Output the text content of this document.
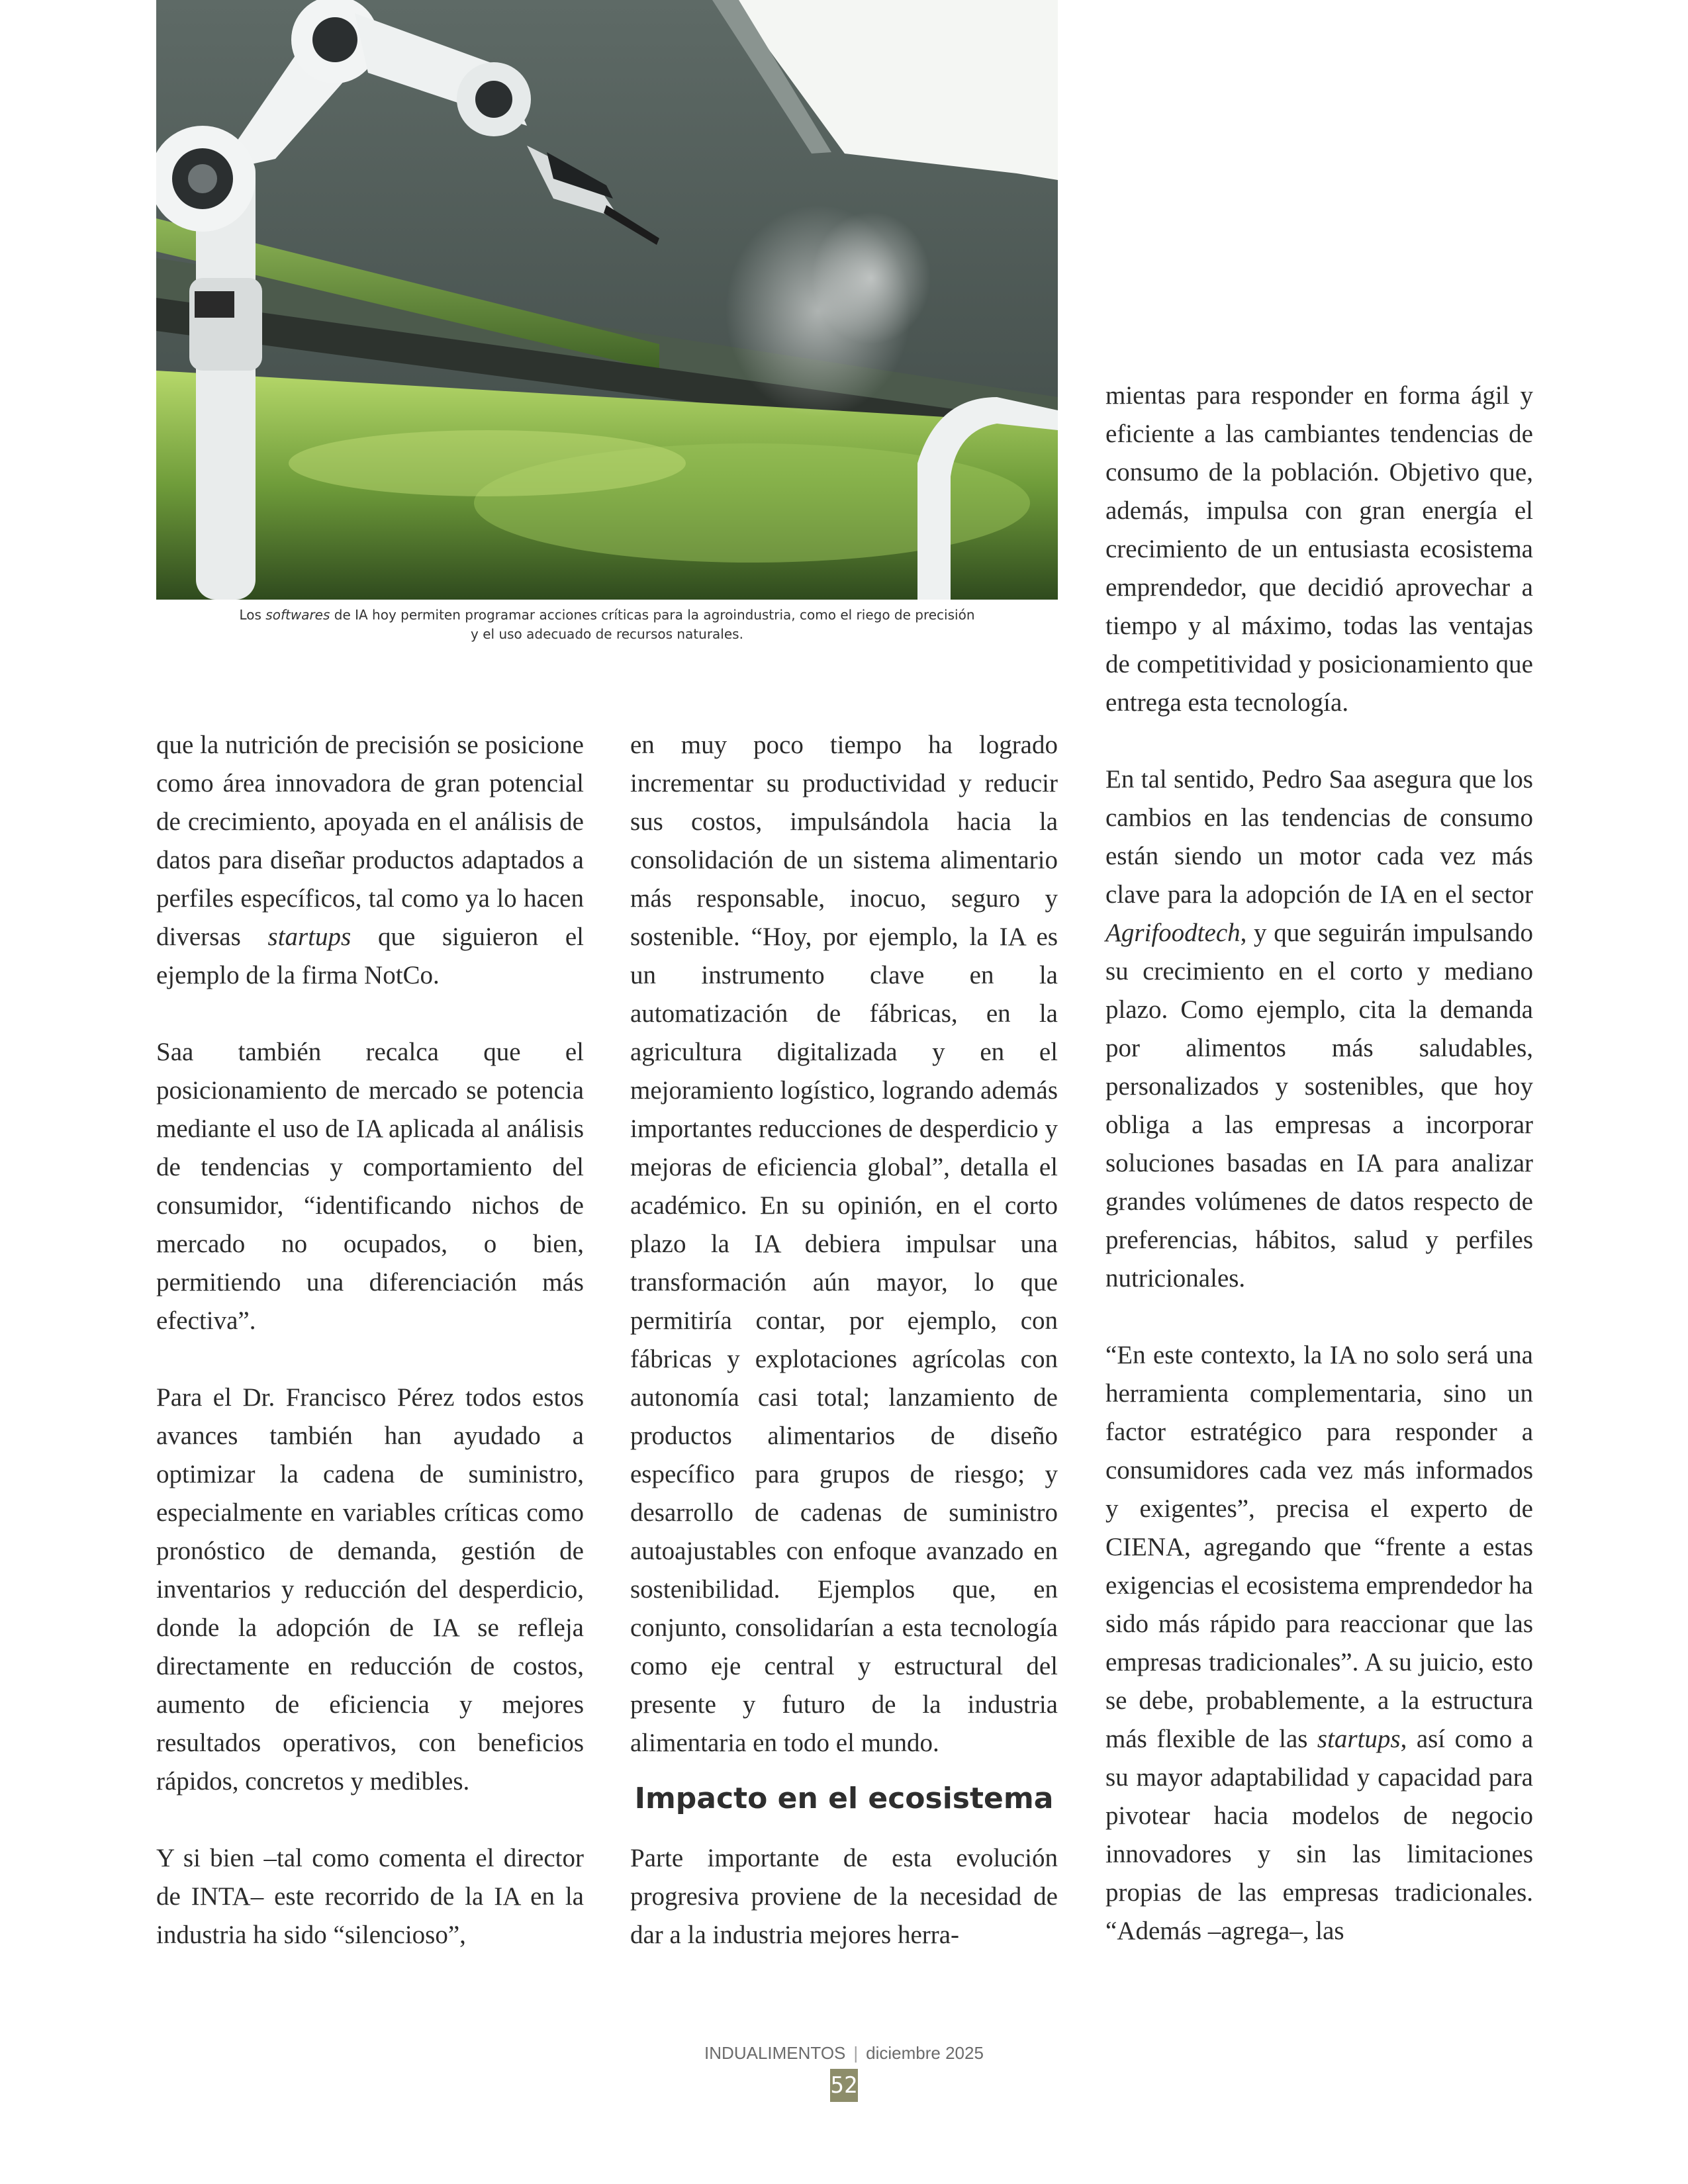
Los softwares de IA hoy permiten programar acciones críticas para la agroindustria, como el riego de precisión
y el uso adecuado de recursos naturales.

que la nutrición de precisión se posicione como área innovadora de gran potencial de crecimiento, apoyada en el análisis de datos para diseñar productos adaptados a perfiles específicos, tal como ya lo hacen diversas startups que siguieron el ejemplo de la firma NotCo.

Saa también recalca que el posicionamiento de mercado se potencia mediante el uso de IA aplicada al análisis de tendencias y comportamiento del consumidor, “identificando nichos de mercado no ocupados, o bien, permitiendo una diferenciación más efectiva”.

Para el Dr. Francisco Pérez todos estos avances también han ayudado a optimizar la cadena de suministro, especialmente en variables críticas como pronóstico de demanda, gestión de inventarios y reducción del desperdicio, donde la adopción de IA se refleja directamente en reducción de costos, aumento de eficiencia y mejores resultados operativos, con beneficios rápidos, concretos y medibles.

Y si bien –tal como comenta el director de INTA– este recorrido de la IA en la industria ha sido “silencioso”,

en muy poco tiempo ha logrado incrementar su productividad y reducir sus costos, impulsándola hacia la consolidación de un sistema alimentario más responsable, inocuo, seguro y sostenible. “Hoy, por ejemplo, la IA es un instrumento clave en la automatización de fábricas, en la agricultura digitalizada y en el mejoramiento logístico, logrando además importantes reducciones de desperdicio y mejoras de eficiencia global”, detalla el académico. En su opinión, en el corto plazo la IA debiera impulsar una transformación aún mayor, lo que permitiría contar, por ejemplo, con fábricas y explotaciones agrícolas con autonomía casi total; lanzamiento de productos alimentarios de diseño específico para grupos de riesgo; y desarrollo de cadenas de suministro autoajustables con enfoque avanzado en sostenibilidad. Ejemplos que, en conjunto, consolidarían a esta tecnología como eje central y estructural del presente y futuro de la industria alimentaria en todo el mundo.

Impacto en el ecosistema

Parte importante de esta evolución progresiva proviene de la necesidad de dar a la industria mejores herra-

mientas para responder en forma ágil y eficiente a las cambiantes tendencias de consumo de la población. Objetivo que, además, impulsa con gran energía el crecimiento de un entusiasta ecosistema emprendedor, que decidió aprovechar a tiempo y al máximo, todas las ventajas de competitividad y posicionamiento que entrega esta tecnología.

En tal sentido, Pedro Saa asegura que los cambios en las tendencias de consumo están siendo un motor cada vez más clave para la adopción de IA en el sector Agrifoodtech, y que seguirán impulsando su crecimiento en el corto y mediano plazo. Como ejemplo, cita la demanda por alimentos más saludables, personalizados y sostenibles, que hoy obliga a las empresas a incorporar soluciones basadas en IA para analizar grandes volúmenes de datos respecto de preferencias, hábitos, salud y perfiles nutricionales.

“En este contexto, la IA no solo será una herramienta complementaria, sino un factor estratégico para responder a consumidores cada vez más informados y exigentes”, precisa el experto de CIENA, agregando que “frente a estas exigencias el ecosistema emprendedor ha sido más rápido para reaccionar que las empresas tradicionales”. A su juicio, esto se debe, probablemente, a la estructura más flexible de las startups, así como a su mayor adaptabilidad y capacidad para pivotear hacia modelos de negocio innovadores y sin las limitaciones propias de las empresas tradicionales. “Además –agrega–, las

INDUALIMENTOS | diciembre 2025
52
